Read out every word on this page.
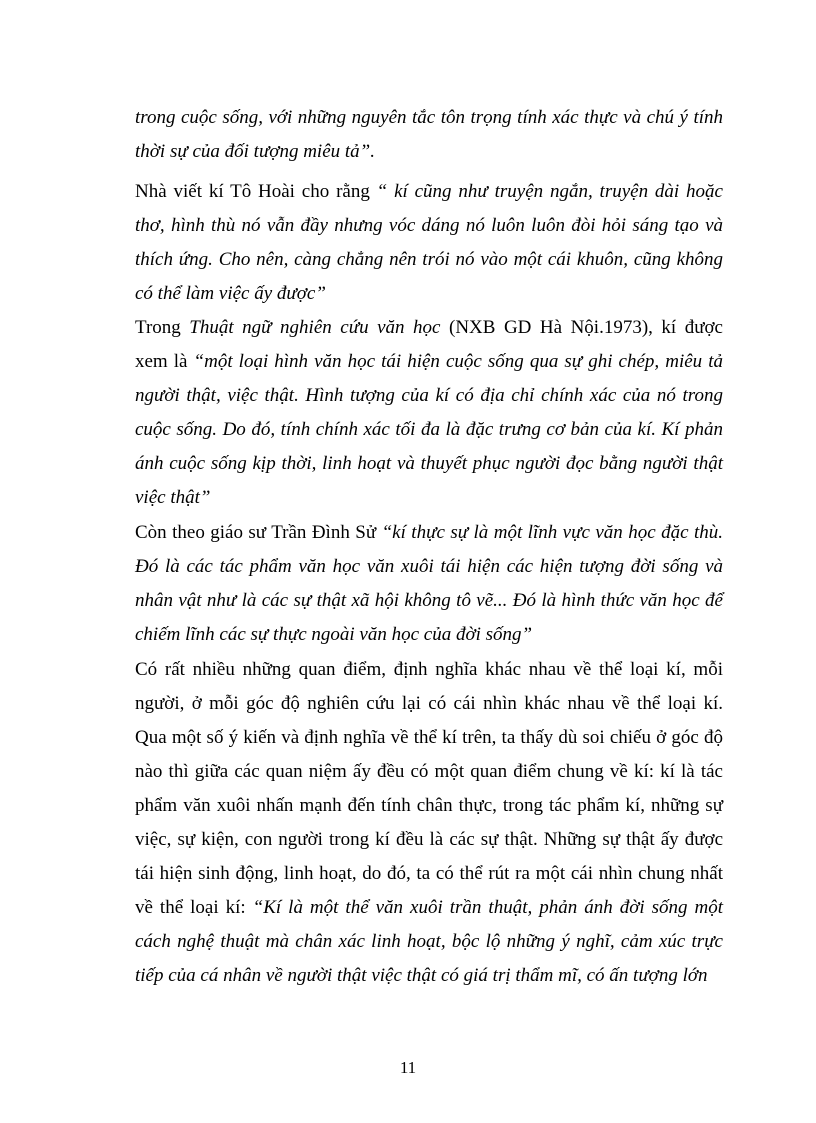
trong cuộc sống, với những nguyên tắc tôn trọng tính xác thực và chú ý tính
thời sự của đối tượng miêu tả”.
Nhà viết kí Tô Hoài cho rằng “ kí cũng như truyện ngắn, truyện dài hoặc
thơ, hình thù nó vẫn đầy nhưng vóc dáng nó luôn luôn đòi hỏi sáng tạo và
thích ứng. Cho nên, càng chẳng nên trói nó vào một cái khuôn, cũng không
có thể làm việc ấy được”
Trong Thuật ngữ nghiên cứu văn học (NXB GD Hà Nội.1973), kí được
xem là “một loại hình văn học tái hiện cuộc sống qua sự ghi chép, miêu tả
người thật, việc thật. Hình tượng của kí có địa chỉ chính xác của nó trong
cuộc sống. Do đó, tính chính xác tối đa là đặc trưng cơ bản của kí. Kí phản
ánh cuộc sống kịp thời, linh hoạt và thuyết phục người đọc bằng người thật
việc thật”
Còn theo giáo sư Trần Đình Sử “kí thực sự là một lĩnh vực văn học đặc thù.
Đó là các tác phẩm văn học văn xuôi tái hiện các hiện tượng đời sống và
nhân vật như là các sự thật xã hội không tô vẽ... Đó là hình thức văn học để
chiếm lĩnh các sự thực ngoài văn học của đời sống”
Có rất nhiều những quan điểm, định nghĩa khác nhau về thể loại kí, mỗi
người, ở mỗi góc độ nghiên cứu lại có cái nhìn khác nhau về thể loại kí.
Qua một số ý kiến và định nghĩa về thể kí trên, ta thấy dù soi chiếu ở góc độ
nào thì giữa các quan niệm ấy đều có một quan điểm chung về kí: kí là tác
phẩm văn xuôi nhấn mạnh đến tính chân thực, trong tác phẩm kí, những sự
việc, sự kiện, con người trong kí đều là các sự thật. Những sự thật ấy được
tái hiện sinh động, linh hoạt, do đó, ta có thể rút ra một cái nhìn chung nhất
về thể loại kí: “Kí là một thể văn xuôi trần thuật, phản ánh đời sống một
cách nghệ thuật mà chân xác linh hoạt, bộc lộ những ý nghĩ, cảm xúc trực
tiếp của cá nhân về người thật việc thật có giá trị thẩm mĩ, có ấn tượng lớn
11
